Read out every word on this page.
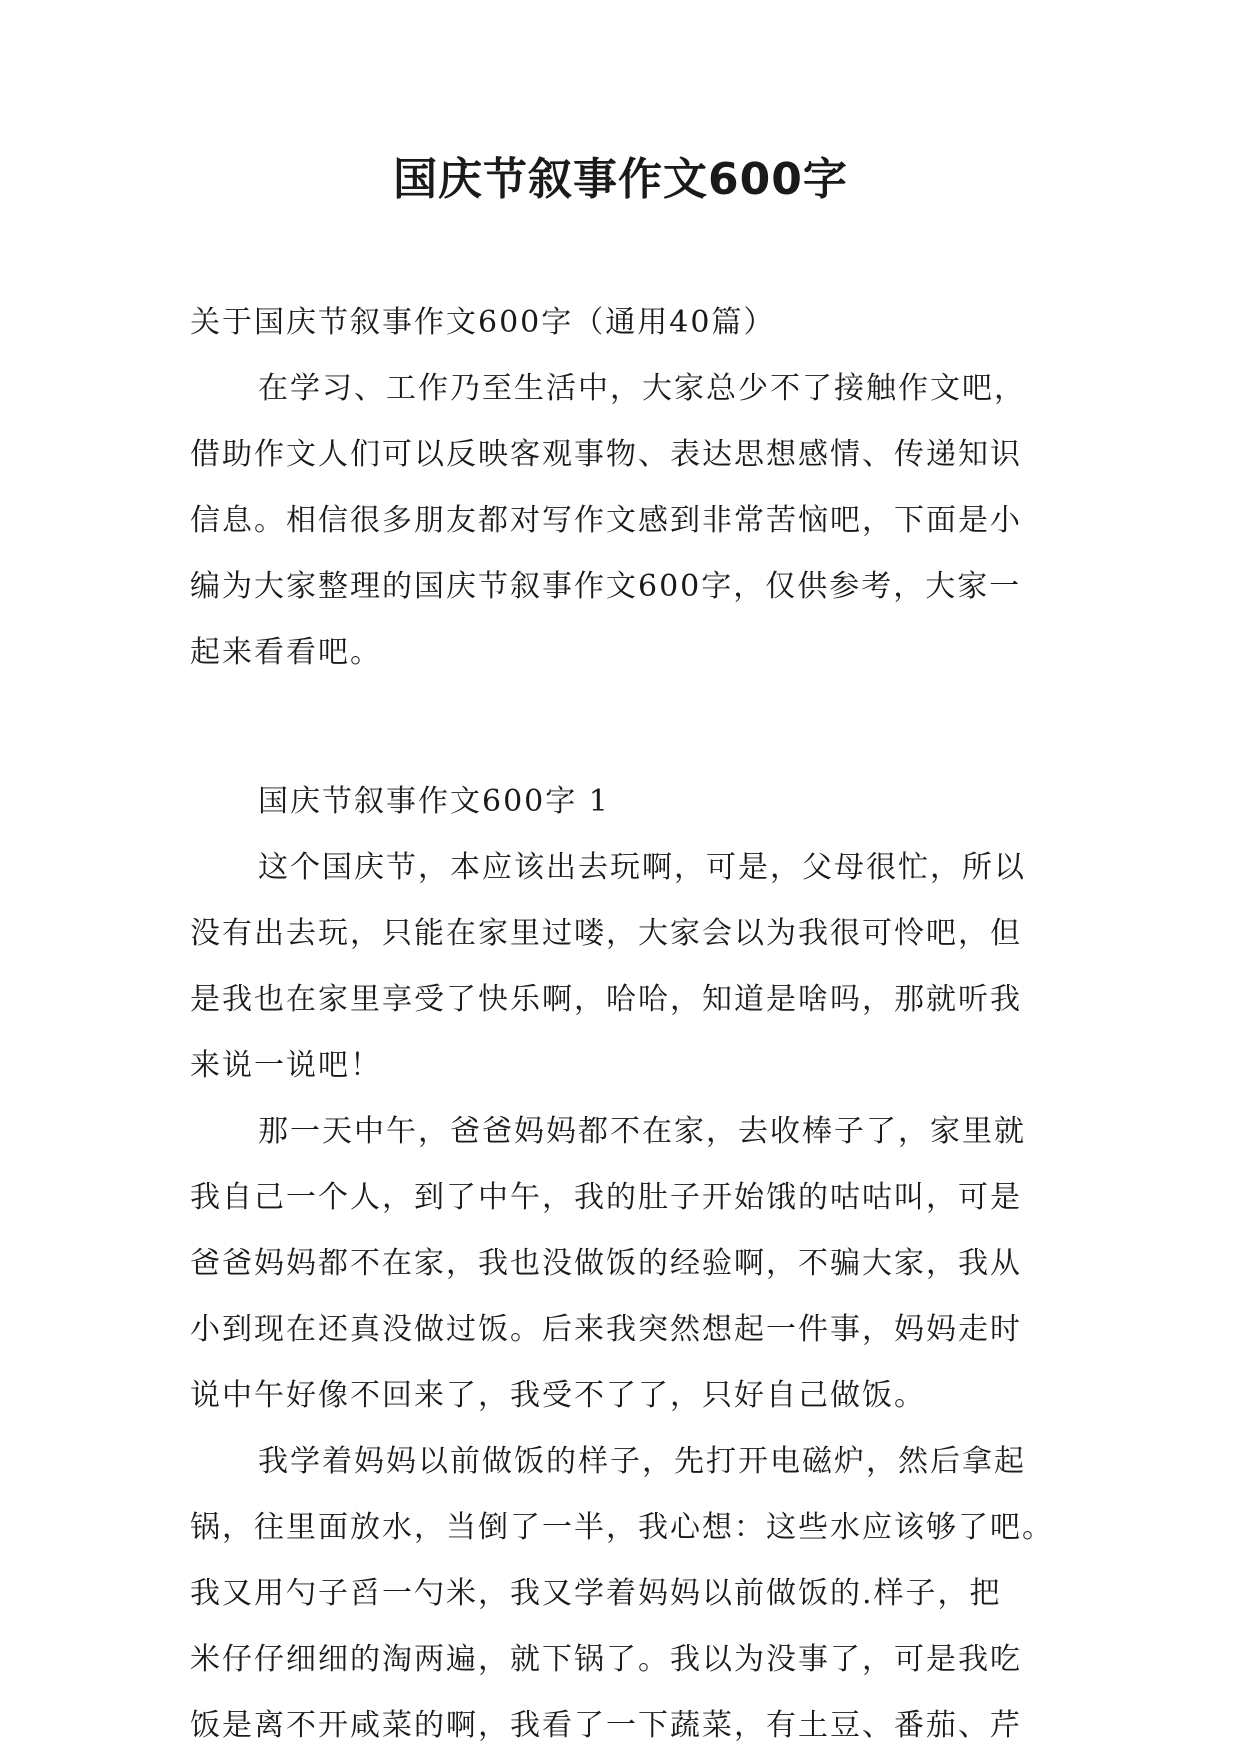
国庆节叙事作文600字
关于国庆节叙事作文600字（通用40篇）
在学习、工作乃至生活中，大家总少不了接触作文吧，
借助作文人们可以反映客观事物、表达思想感情、传递知识
信息。相信很多朋友都对写作文感到非常苦恼吧，下面是小
编为大家整理的国庆节叙事作文600字，仅供参考，大家一
起来看看吧。
国庆节叙事作文600字 1
这个国庆节，本应该出去玩啊，可是，父母很忙，所以
没有出去玩，只能在家里过喽，大家会以为我很可怜吧，但
是我也在家里享受了快乐啊，哈哈，知道是啥吗，那就听我
来说一说吧！
那一天中午，爸爸妈妈都不在家，去收棒子了，家里就
我自己一个人，到了中午，我的肚子开始饿的咕咕叫，可是
爸爸妈妈都不在家，我也没做饭的经验啊，不骗大家，我从
小到现在还真没做过饭。后来我突然想起一件事，妈妈走时
说中午好像不回来了，我受不了了，只好自己做饭。
我学着妈妈以前做饭的样子，先打开电磁炉，然后拿起
锅，往里面放水，当倒了一半，我心想：这些水应该够了吧。
我又用勺子舀一勺米，我又学着妈妈以前做饭的.样子，把
米仔仔细细的淘两遍，就下锅了。我以为没事了，可是我吃
饭是离不开咸菜的啊，我看了一下蔬菜，有土豆、番茄、芹
